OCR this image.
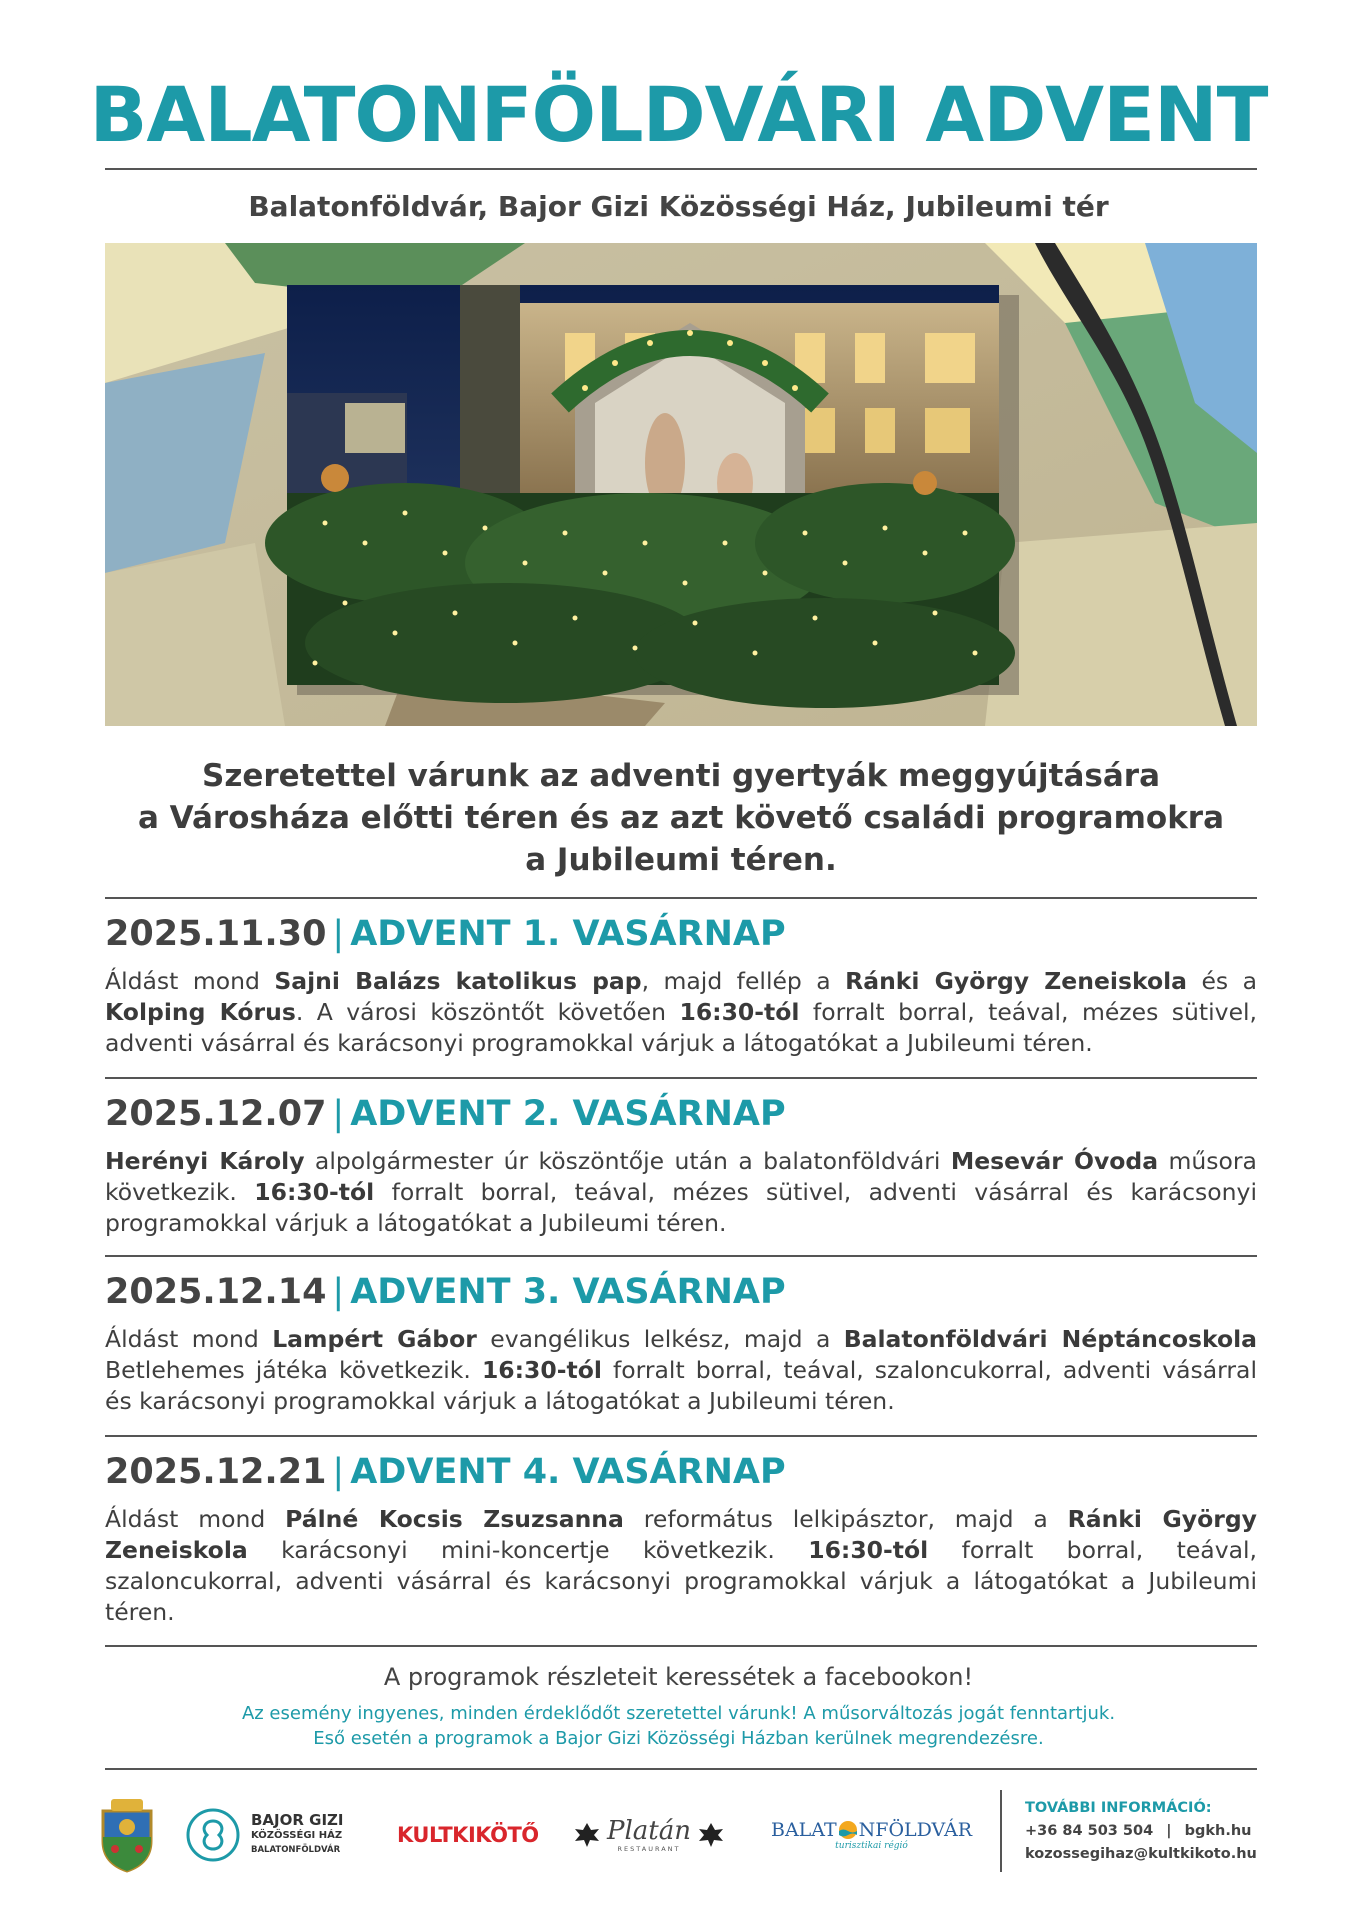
BALATONFÖLDVÁRI ADVENT
Balatonföldvár, Bajor Gizi Közösségi Ház, Jubileumi tér
Szeretettel várunk az adventi gyertyák meggyújtására
a Városháza előtti téren és az azt követő családi programokra
a Jubileumi téren.
2025.11.30 | ADVENT 1. VASÁRNAP
Áldást mond Sajni Balázs katolikus pap, majd fellép a Ránki György Zeneiskola és a Kolping Kórus. A városi köszöntőt követően 16:30-tól forralt borral, teával, mézes sütivel, adventi vásárral és karácsonyi programokkal várjuk a látogatókat a Jubileumi téren.
2025.12.07 | ADVENT 2. VASÁRNAP
Herényi Károly alpolgármester úr köszöntője után a balatonföldvári Mesevár Óvoda műsora következik. 16:30-tól forralt borral, teával, mézes sütivel, adventi vásárral és karácsonyi programokkal várjuk a látogatókat a Jubileumi téren.
2025.12.14 | ADVENT 3. VASÁRNAP
Áldást mond Lampért Gábor evangélikus lelkész, majd a Balatonföldvári Néptáncoskola Betlehemes játéka következik. 16:30-tól forralt borral, teával, szaloncukorral, adventi vásárral és karácsonyi programokkal várjuk a látogatókat a Jubileumi téren.
2025.12.21 | ADVENT 4. VASÁRNAP
Áldást mond Pálné Kocsis Zsuzsanna református lelkipásztor, majd a Ránki György Zeneiskola karácsonyi mini-koncertje következik. 16:30-tól forralt borral, teával, szaloncukorral, adventi vásárral és karácsonyi programokkal várjuk a látogatókat a Jubileumi téren.
A programok részleteit keressétek a facebookon!
Az esemény ingyenes, minden érdeklődőt szeretettel várunk! A műsorváltozás jogát fenntartjuk.
Eső esetén a programok a Bajor Gizi Közösségi Házban kerülnek megrendezésre.
BAJOR GIZI
KÖZÖSSÉGI HÁZ
BALATONFÖLDVÁR
KULTKIKÖTŐ	Platán
RESTAURANT
BALAT NFÖLDVÁR
turisztikai régió
TOVÁBBI INFORMÁCIÓ:
+36 84 503 504 | bgkh.hu
kozossegihaz@kultkikoto.hu
